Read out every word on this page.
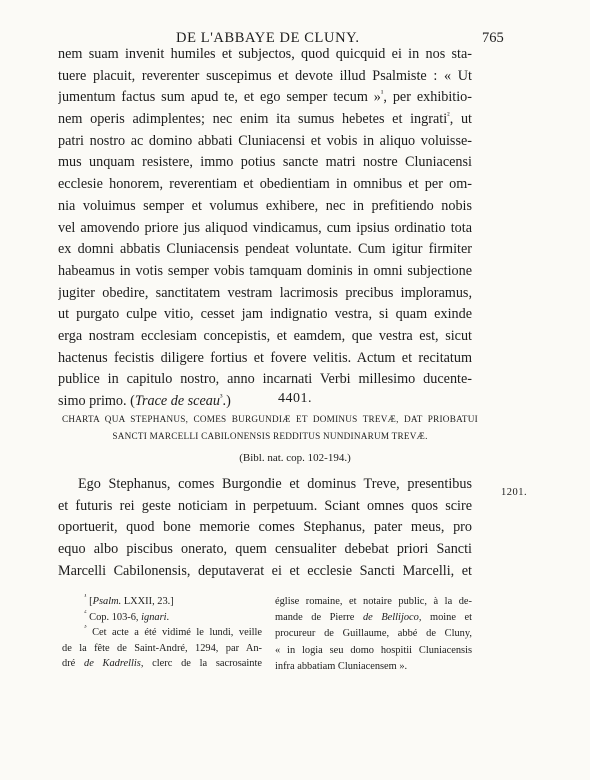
DE L'ABBAYE DE CLUNY.	765
nem suam invenit humiles et subjectos, quod quicquid ei in nos sta-
tuere placuit, reverenter suscepimus et devote illud Psalmiste : « Ut
jumentum factus sum apud te, et ego semper tecum »$^{^1}$, per exhibitio-
nem operis adimplentes; nec enim ita sumus hebetes et ingrati$^{^2}$, ut
patri nostro ac domino abbati Cluniacensi et vobis in aliquo voluisse-
mus unquam resistere, immo potius sancte matri nostre Cluniacensi
ecclesie honorem, reverentiam et obedientiam in omnibus et per om-
nia voluimus semper et volumus exhibere, nec in prefitiendo nobis
vel amovendo priore jus aliquod vindicamus, cum ipsius ordinatio tota
ex domni abbatis Cluniacensis pendeat voluntate. Cum igitur firmiter
habeamus in votis semper vobis tamquam dominis in omni subjectione
jugiter obedire, sanctitatem vestram lacrimosis precibus imploramus,
ut purgato culpe vitio, cesset jam indignatio vestra, si quam exinde
erga nostram ecclesiam concepistis, et eamdem, que vestra est, sicut
hactenus fecistis diligere fortius et fovere velitis. Actum et recitatum
publice in capitulo nostro, anno incarnati Verbi millesimo ducente-
simo primo. (Trace de sceau$^{^3}$.)	4401.
CHARTA QUA STEPHANUS, COMES BURGUNDIÆ ET DOMINUS TREVÆ, DAT PRIOBATUI
SANCTI MARCELLI CABILONENSIS REDDITUS NUNDINARUM TREVÆ.
(Bibl. nat. cop. 102-194.)
1201.
Ego Stephanus, comes Burgondie et dominus Treve, presentibus
et futuris rei geste noticiam in perpetuum. Sciant omnes quos scire
oportuerit, quod bone memorie comes Stephanus, pater meus, pro
equo albo piscibus onerato, quem censualiter debebat priori Sancti
Marcelli Cabilonensis, deputaverat ei et ecclesie Sancti Marcelli, et
$^{^1}$ [Psalm. LXXII, 23.]
$^{^2}$ Cop. 103-6, ignari.
$^{^3}$ Cet acte a été vidimé le lundi, veille
de la fête de Saint-André, 1294, par An-
dré de Kadrellis, clerc de la sacrosainte
église romaine, et notaire public, à la de-
mande de Pierre de Bellijoco, moine et
procureur de Guillaume, abbé de Cluny,
« in logia seu domo hospitii Cluniacensis
infra abbatiam Cluniacensem ».
